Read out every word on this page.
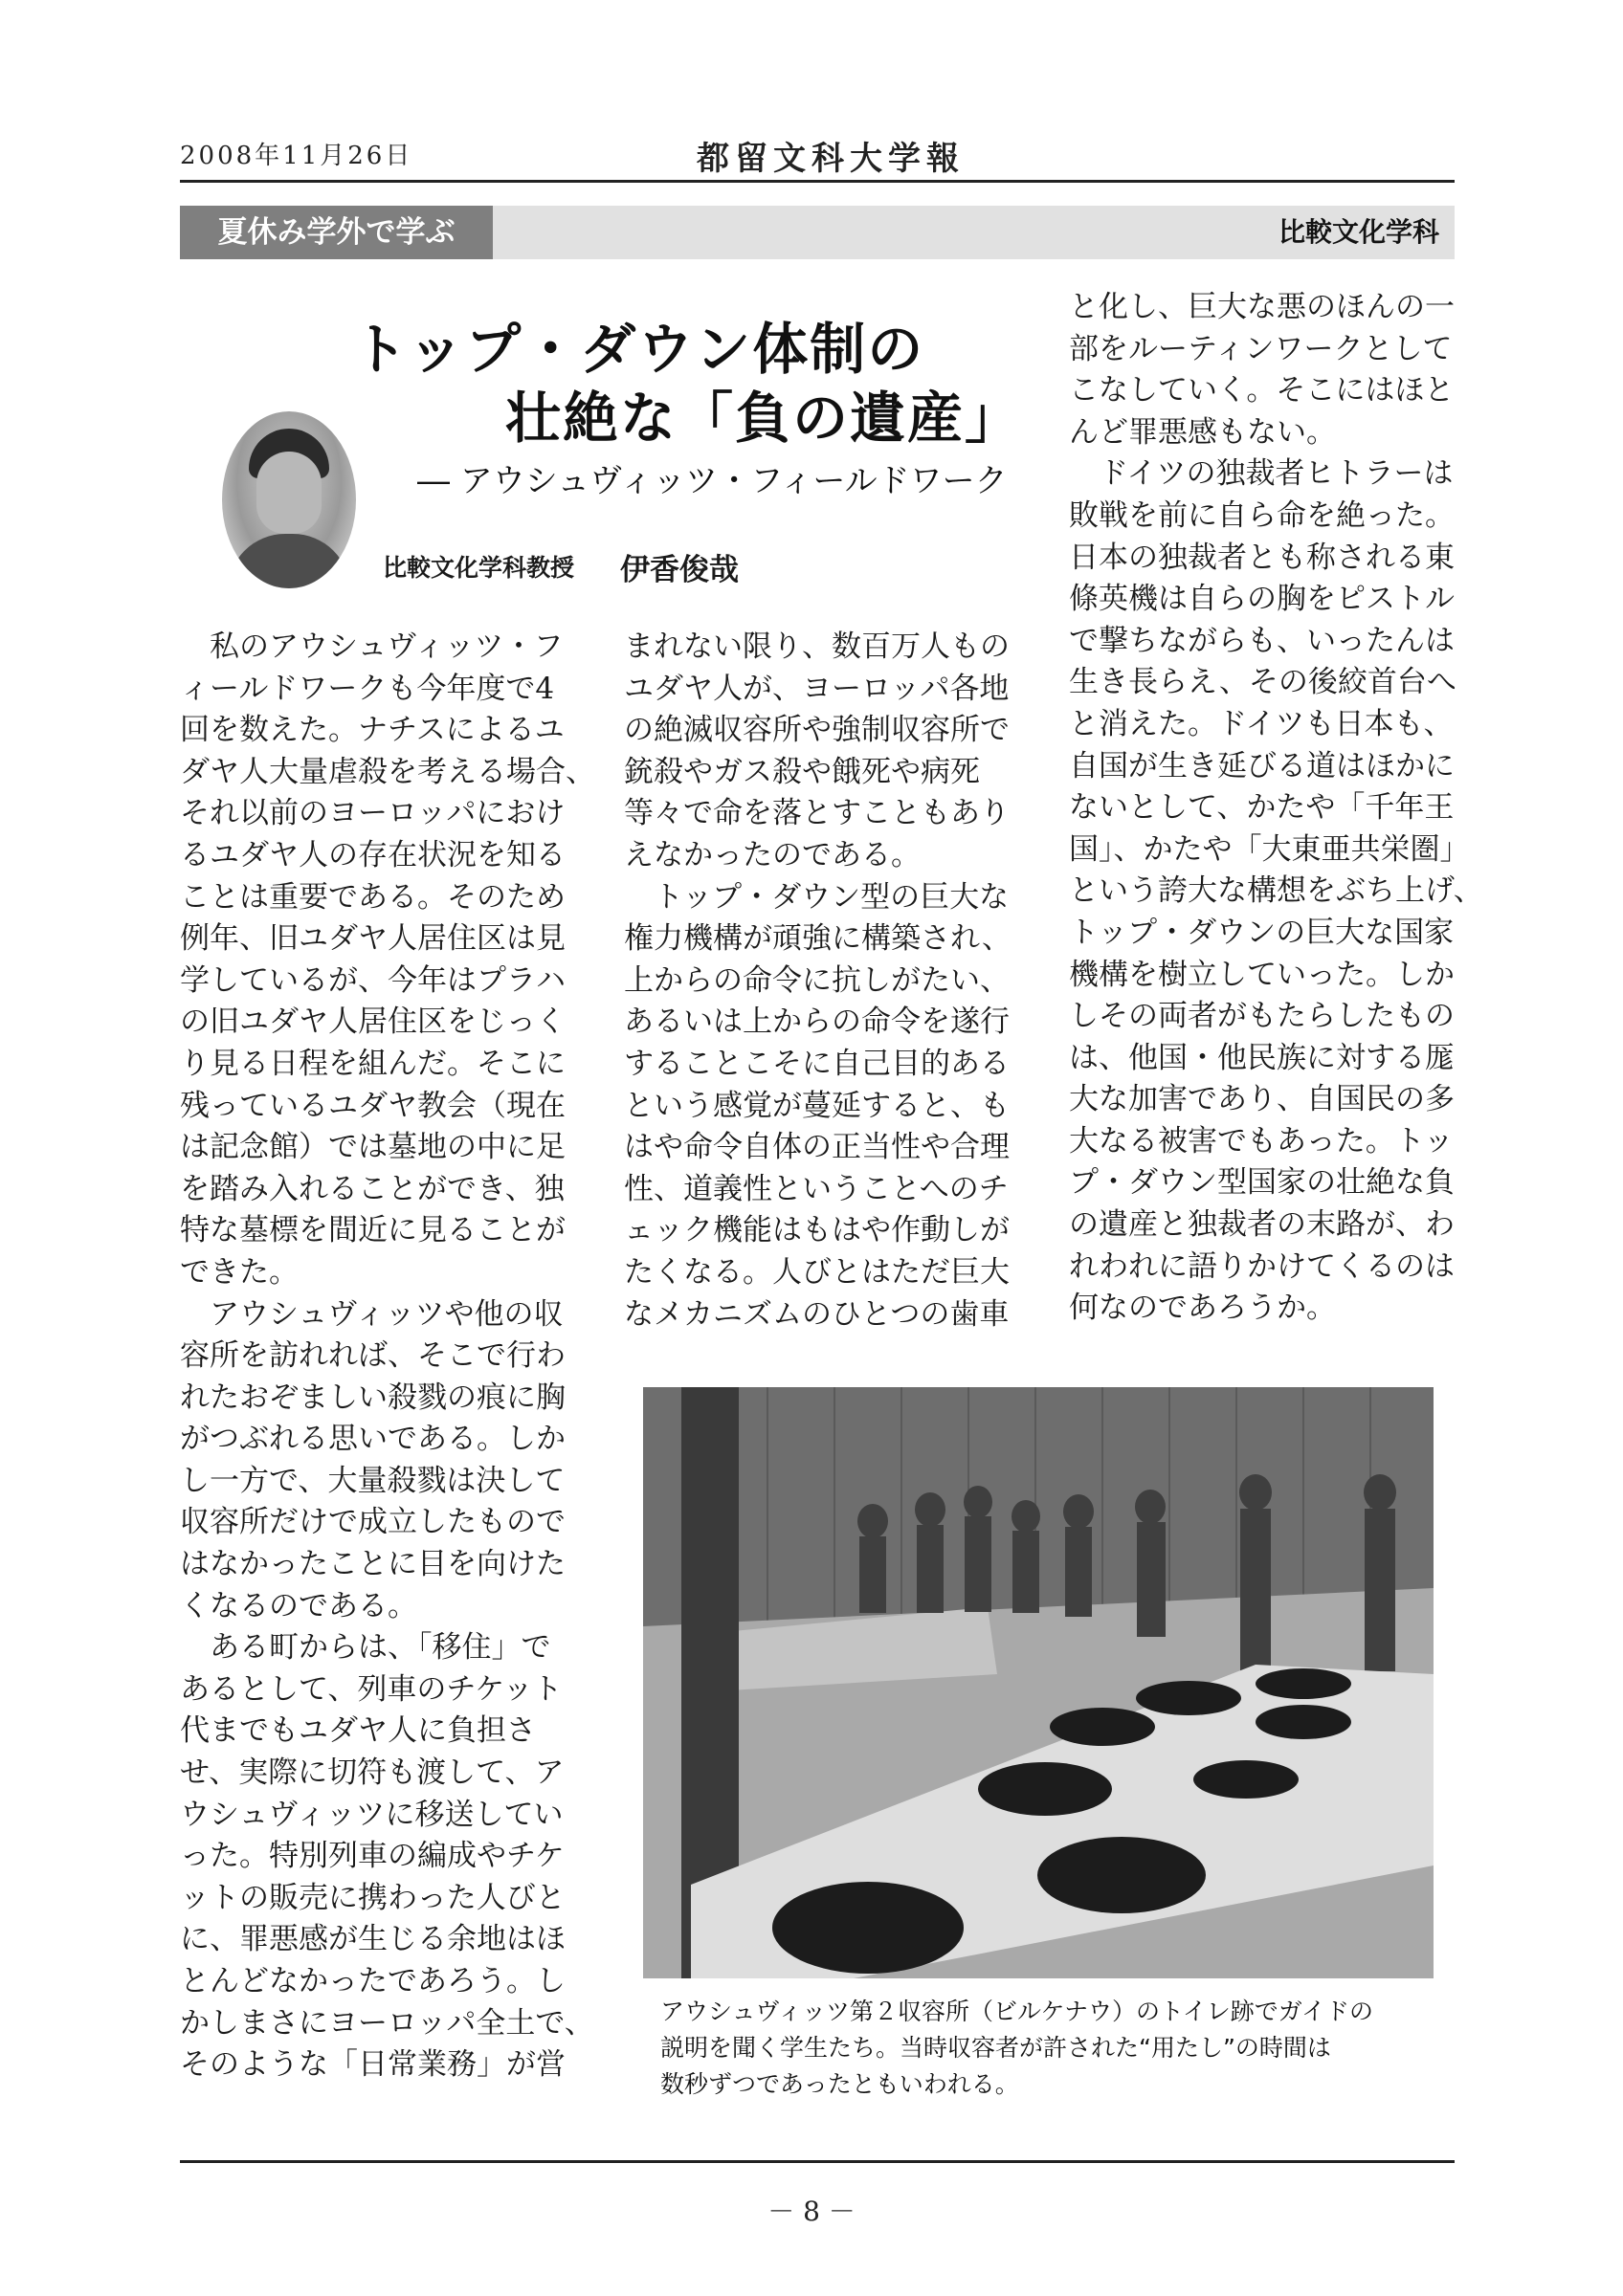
2008年11月26日	都留文科大学報
夏休み学外で学ぶ	比較文化学科
トップ・ダウン体制の
壮絶な「負の遺産」
― アウシュヴィッツ・フィールドワーク
比較文化学科教授 伊香俊哉
　私のアウシュヴィッツ・フ
ィールドワークも今年度で4
回を数えた。ナチスによるユ
ダヤ人大量虐殺を考える場合、
それ以前のヨーロッパにおけ
るユダヤ人の存在状況を知る
ことは重要である。そのため
例年、旧ユダヤ人居住区は見
学しているが、今年はプラハ
の旧ユダヤ人居住区をじっく
り見る日程を組んだ。そこに
残っているユダヤ教会（現在
は記念館）では墓地の中に足
を踏み入れることができ、独
特な墓標を間近に見ることが
できた。
　アウシュヴィッツや他の収
容所を訪れれば、そこで行わ
れたおぞましい殺戮の痕に胸
がつぶれる思いである。しか
し一方で、大量殺戮は決して
収容所だけで成立したもので
はなかったことに目を向けた
くなるのである。
　ある町からは、「移住」で
あるとして、列車のチケット
代までもユダヤ人に負担さ
せ、実際に切符も渡して、ア
ウシュヴィッツに移送してい
った。特別列車の編成やチケ
ットの販売に携わった人びと
に、罪悪感が生じる余地はほ
とんどなかったであろう。し
かしまさにヨーロッパ全土で、
そのような「日常業務」が営
まれない限り、数百万人もの
ユダヤ人が、ヨーロッパ各地
の絶滅収容所や強制収容所で
銃殺やガス殺や餓死や病死
等々で命を落とすこともあり
えなかったのである。
　トップ・ダウン型の巨大な
権力機構が頑強に構築され、
上からの命令に抗しがたい、
あるいは上からの命令を遂行
することこそに自己目的ある
という感覚が蔓延すると、も
はや命令自体の正当性や合理
性、道義性ということへのチ
ェック機能はもはや作動しが
たくなる。人びとはただ巨大
なメカニズムのひとつの歯車
と化し、巨大な悪のほんの一
部をルーティンワークとして
こなしていく。そこにはほと
んど罪悪感もない。
　ドイツの独裁者ヒトラーは
敗戦を前に自ら命を絶った。
日本の独裁者とも称される東
條英機は自らの胸をピストル
で撃ちながらも、いったんは
生き長らえ、その後絞首台へ
と消えた。ドイツも日本も、
自国が生き延びる道はほかに
ないとして、かたや「千年王
国」、かたや「大東亜共栄圏」
という誇大な構想をぶち上げ、
トップ・ダウンの巨大な国家
機構を樹立していった。しか
しその両者がもたらしたもの
は、他国・他民族に対する厖
大な加害であり、自国民の多
大なる被害でもあった。トッ
プ・ダウン型国家の壮絶な負
の遺産と独裁者の末路が、わ
れわれに語りかけてくるのは
何なのであろうか。
アウシュヴィッツ第２収容所（ビルケナウ）のトイレ跡でガイドの
説明を聞く学生たち。当時収容者が許された“用たし”の時間は
数秒ずつであったともいわれる。
－ 8 －
